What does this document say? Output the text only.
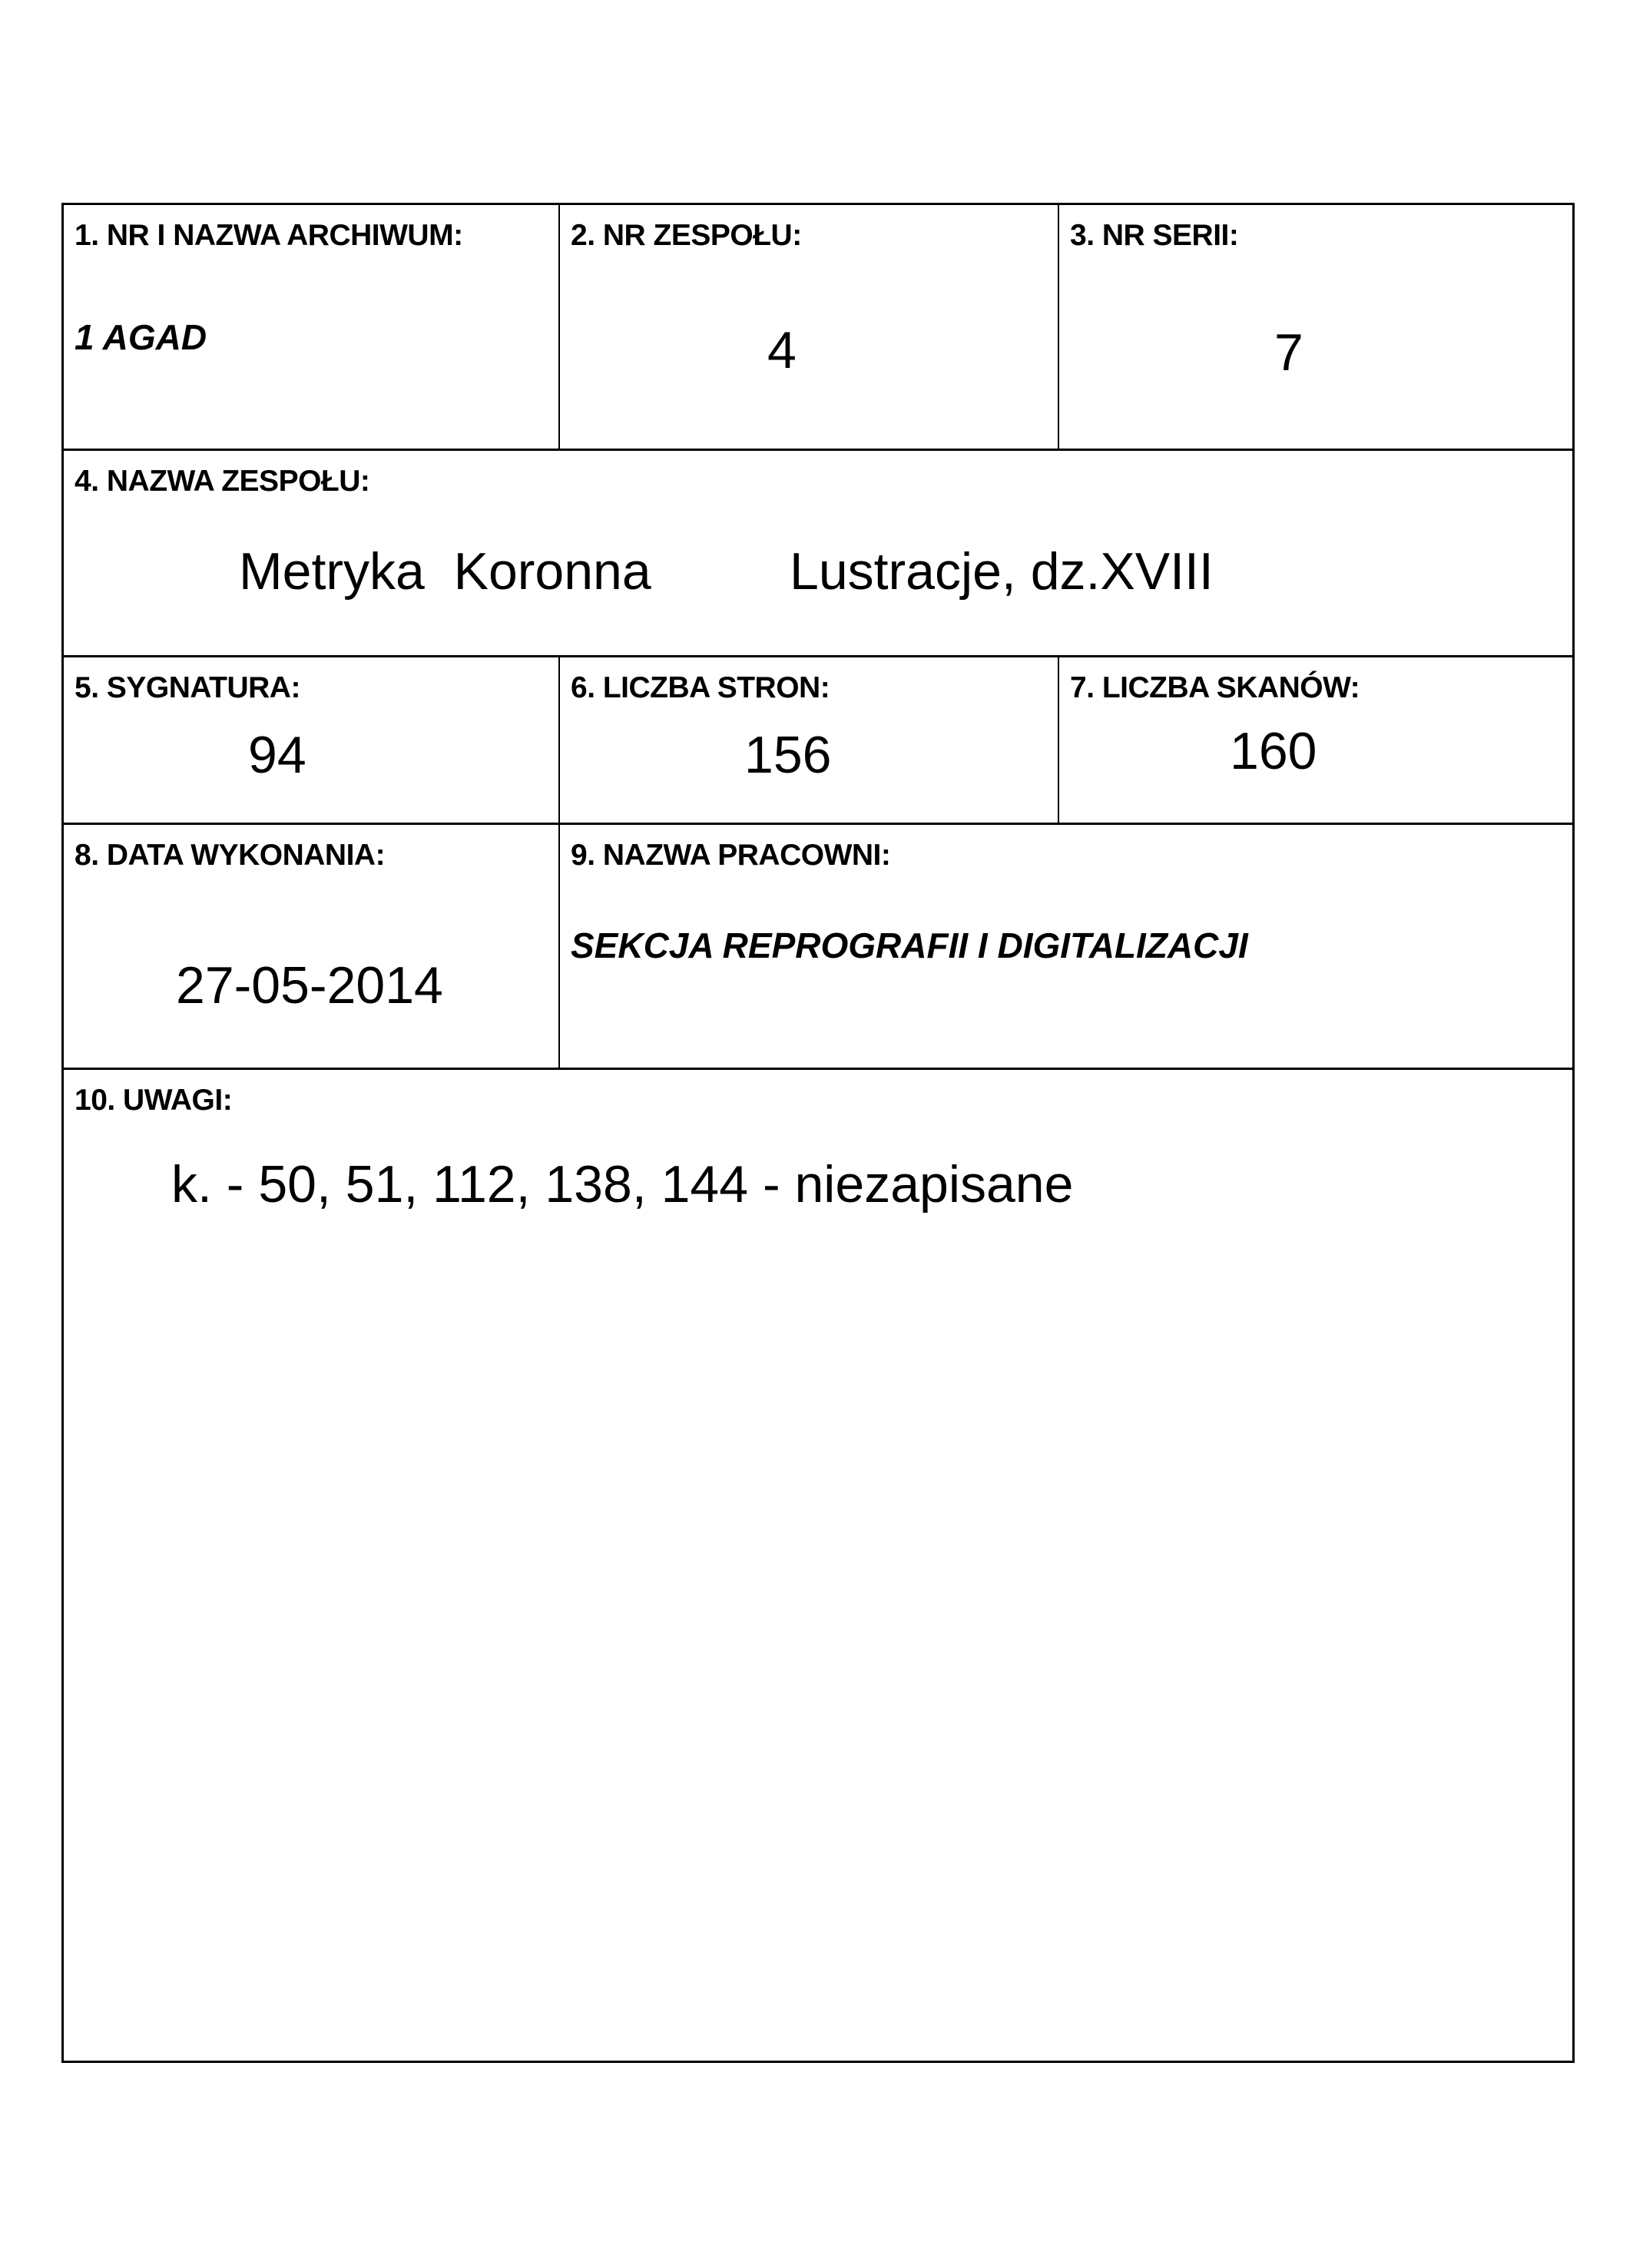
1. NR I NAZWA ARCHIWUM:
1 AGAD
2. NR ZESPOŁU:
4
3. NR SERII:
7
4. NAZWA ZESPOŁU:
Metryka  Koronna	Lustracje, dz.XVIII
5. SYGNATURA:
94
6. LICZBA STRON:
156
7. LICZBA SKANÓW:
160
8. DATA WYKONANIA:
27-05-2014
9. NAZWA PRACOWNI:
SEKCJA REPROGRAFII I DIGITALIZACJI
10. UWAGI:
k. - 50, 51, 112, 138, 144 - niezapisane
